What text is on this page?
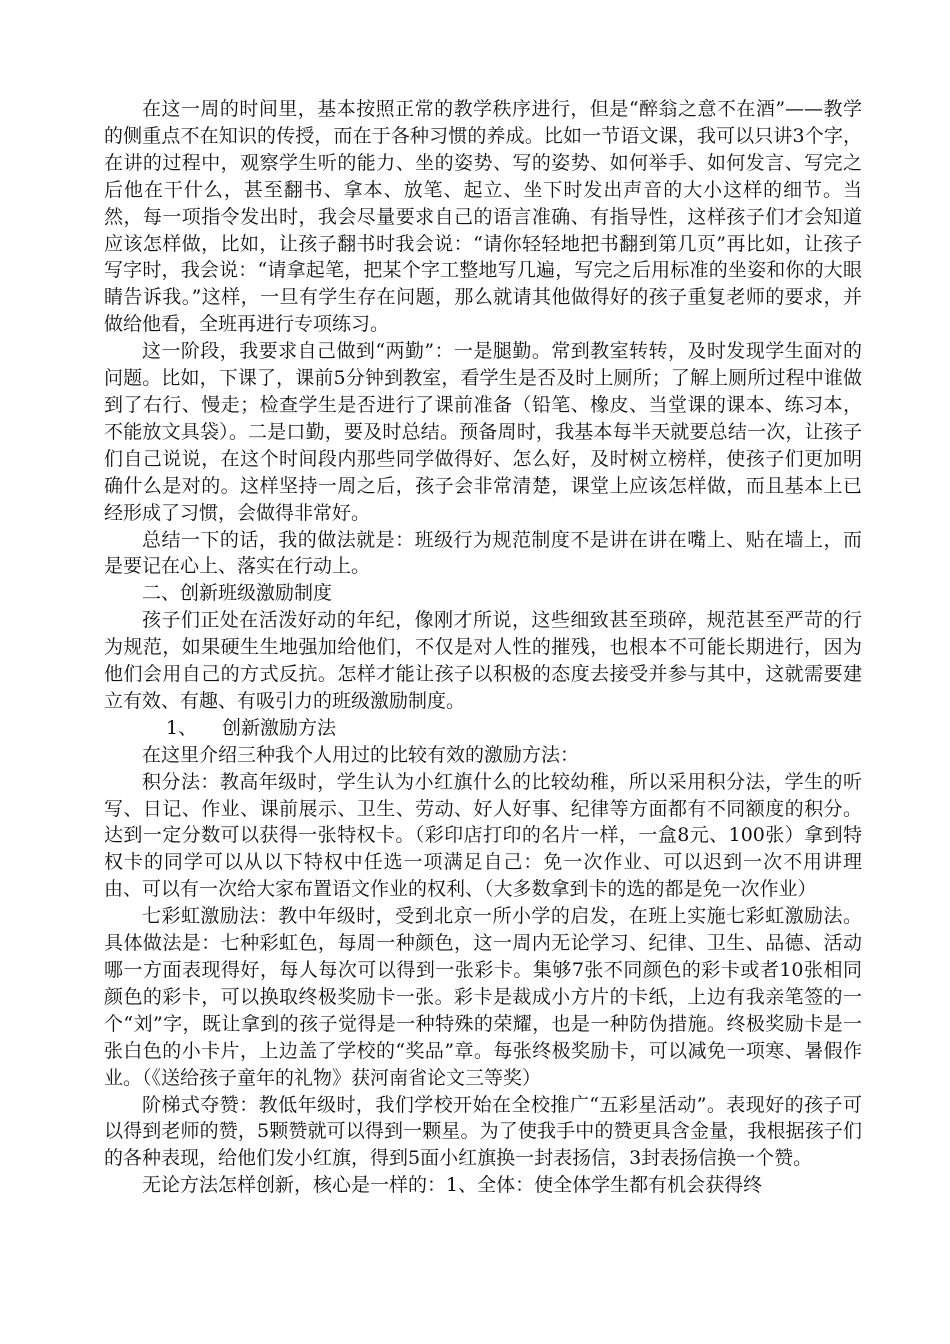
在这一周的时间里，基本按照正常的教学秩序进行，但是“醉翁之意不在酒”——教学的侧重点不在知识的传授，而在于各种习惯的养成。比如一节语文课，我可以只讲3个字，在讲的过程中，观察学生听的能力、坐的姿势、写的姿势、如何举手、如何发言、写完之后他在干什么，甚至翻书、拿本、放笔、起立、坐下时发出声音的大小这样的细节。当然，每一项指令发出时，我会尽量要求自己的语言准确、有指导性，这样孩子们才会知道应该怎样做，比如，让孩子翻书时我会说：“请你轻轻地把书翻到第几页”再比如，让孩子写字时，我会说：“请拿起笔，把某个字工整地写几遍，写完之后用标准的坐姿和你的大眼睛告诉我。”这样，一旦有学生存在问题，那么就请其他做得好的孩子重复老师的要求，并做给他看，全班再进行专项练习。

这一阶段，我要求自己做到“两勤”：一是腿勤。常到教室转转，及时发现学生面对的问题。比如，下课了，课前5分钟到教室，看学生是否及时上厕所；了解上厕所过程中谁做到了右行、慢走；检查学生是否进行了课前准备（铅笔、橡皮、当堂课的课本、练习本，不能放文具袋）。二是口勤，要及时总结。预备周时，我基本每半天就要总结一次，让孩子们自己说说，在这个时间段内那些同学做得好、怎么好，及时树立榜样，使孩子们更加明确什么是对的。这样坚持一周之后，孩子会非常清楚，课堂上应该怎样做，而且基本上已经形成了习惯，会做得非常好。

总结一下的话，我的做法就是：班级行为规范制度不是讲在讲在嘴上、贴在墙上，而是要记在心上、落实在行动上。

二、创新班级激励制度

孩子们正处在活泼好动的年纪，像刚才所说，这些细致甚至琐碎，规范甚至严苛的行为规范，如果硬生生地强加给他们，不仅是对人性的摧残，也根本不可能长期进行，因为他们会用自己的方式反抗。怎样才能让孩子以积极的态度去接受并参与其中，这就需要建立有效、有趣、有吸引力的班级激励制度。

1、 创新激励方法

在这里介绍三种我个人用过的比较有效的激励方法：

积分法：教高年级时，学生认为小红旗什么的比较幼稚，所以采用积分法，学生的听写、日记、作业、课前展示、卫生、劳动、好人好事、纪律等方面都有不同额度的积分。达到一定分数可以获得一张特权卡。（彩印店打印的名片一样，一盒8元、100张）拿到特权卡的同学可以从以下特权中任选一项满足自己：免一次作业、可以迟到一次不用讲理由、可以有一次给大家布置语文作业的权利、（大多数拿到卡的选的都是免一次作业）

七彩虹激励法：教中年级时，受到北京一所小学的启发，在班上实施七彩虹激励法。具体做法是：七种彩虹色，每周一种颜色，这一周内无论学习、纪律、卫生、品德、活动哪一方面表现得好，每人每次可以得到一张彩卡。集够7张不同颜色的彩卡或者10张相同颜色的彩卡，可以换取终极奖励卡一张。彩卡是裁成小方片的卡纸，上边有我亲笔签的一个“刘”字，既让拿到的孩子觉得是一种特殊的荣耀，也是一种防伪措施。终极奖励卡是一张白色的小卡片，上边盖了学校的“奖品”章。每张终极奖励卡，可以减免一项寒、暑假作业。（《送给孩子童年的礼物》获河南省论文三等奖）

阶梯式夺赞：教低年级时，我们学校开始在全校推广“五彩星活动”。表现好的孩子可以得到老师的赞，5颗赞就可以得到一颗星。为了使我手中的赞更具含金量，我根据孩子们的各种表现，给他们发小红旗，得到5面小红旗换一封表扬信，3封表扬信换一个赞。

无论方法怎样创新，核心是一样的：1、全体：使全体学生都有机会获得终
